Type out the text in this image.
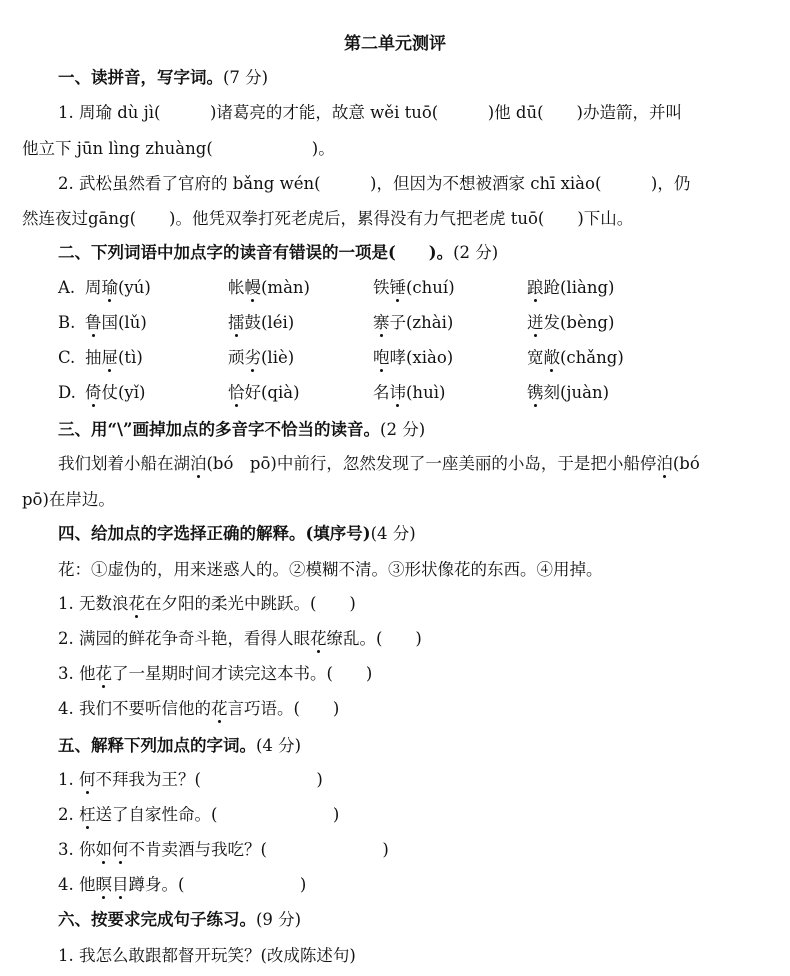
第二单元测评
一、读拼音，写字词。(7 分)
1. 周瑜 dù jì(　　　)诸葛亮的才能，故意 wěi tuō(　　　)他 dū(　　)办造箭，并叫
他立下 jūn lìng zhuàng(　　　　　　)。
2. 武松虽然看了官府的 bǎng wén(　　　)，但因为不想被酒家 chī xiào(　　　)，仍
然连夜过gāng(　　)。他凭双拳打死老虎后，累得没有力气把老虎 tuō(　　)下山。
二、下列词语中加点字的读音有错误的一项是(　　)。(2 分)
A. 周瑜(yú)	帐幔(màn)	铁锤(chuí)	踉跄(liàng)
B. 鲁国(lǔ)	擂鼓(léi)	寨子(zhài)	迸发(bèng)
C. 抽屉(tì)	顽劣(liè)	咆哮(xiào)	宽敞(chǎng)
D. 倚仗(yǐ)	恰好(qià)	名讳(huì)	镌刻(juàn)
三、用“\”画掉加点的多音字不恰当的读音。(2 分)
我们划着小船在湖泊(bó　pō)中前行，忽然发现了一座美丽的小岛，于是把小船停泊(bó
pō)在岸边。
四、给加点的字选择正确的解释。(填序号)(4 分)
花：①虚伪的，用来迷惑人的。②模糊不清。③形状像花的东西。④用掉。
1. 无数浪花在夕阳的柔光中跳跃。(　　)
2. 满园的鲜花争奇斗艳，看得人眼花缭乱。(　　)
3. 他花了一星期时间才读完这本书。(　　)
4. 我们不要听信他的花言巧语。(　　)
五、解释下列加点的字词。(4 分)
1. 何不拜我为王？(　　　　　　　)
2. 枉送了自家性命。(　　　　　　　)
3. 你如何不肯卖酒与我吃？(　　　　　　　)
4. 他瞑目蹲身。(　　　　　　　)
六、按要求完成句子练习。(9 分)
1. 我怎么敢跟都督开玩笑？(改成陈述句)
